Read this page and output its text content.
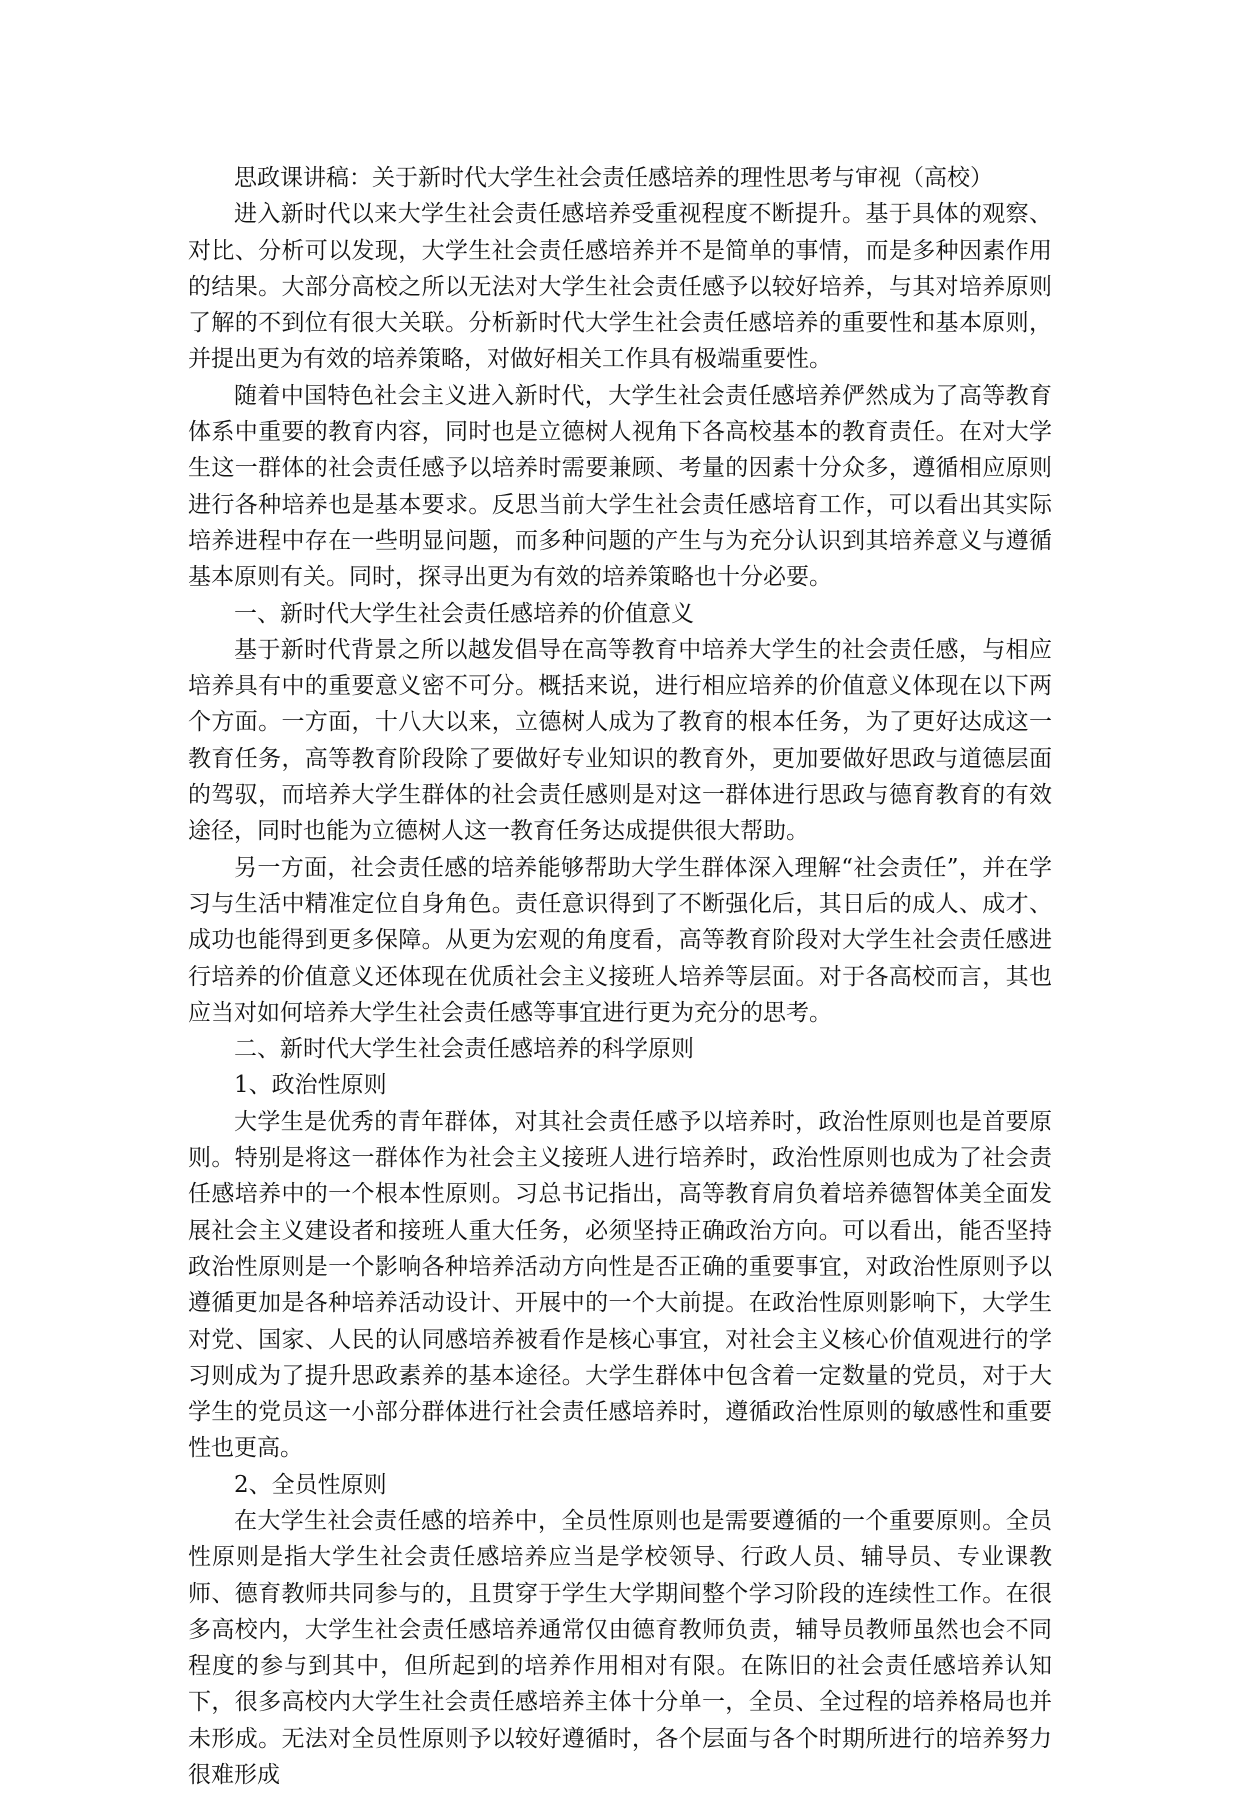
思政课讲稿：关于新时代大学生社会责任感培养的理性思考与审视（高校）

进入新时代以来大学生社会责任感培养受重视程度不断提升。基于具体的观察、对比、分析可以发现，大学生社会责任感培养并不是简单的事情，而是多种因素作用的结果。大部分高校之所以无法对大学生社会责任感予以较好培养，与其对培养原则了解的不到位有很大关联。分析新时代大学生社会责任感培养的重要性和基本原则，并提出更为有效的培养策略，对做好相关工作具有极端重要性。

随着中国特色社会主义进入新时代，大学生社会责任感培养俨然成为了高等教育体系中重要的教育内容，同时也是立德树人视角下各高校基本的教育责任。在对大学生这一群体的社会责任感予以培养时需要兼顾、考量的因素十分众多，遵循相应原则进行各种培养也是基本要求。反思当前大学生社会责任感培育工作，可以看出其实际培养进程中存在一些明显问题，而多种问题的产生与为充分认识到其培养意义与遵循基本原则有关。同时，探寻出更为有效的培养策略也十分必要。

一、新时代大学生社会责任感培养的价值意义

基于新时代背景之所以越发倡导在高等教育中培养大学生的社会责任感，与相应培养具有中的重要意义密不可分。概括来说，进行相应培养的价值意义体现在以下两个方面。一方面，十八大以来，立德树人成为了教育的根本任务，为了更好达成这一教育任务，高等教育阶段除了要做好专业知识的教育外，更加要做好思政与道德层面的驾驭，而培养大学生群体的社会责任感则是对这一群体进行思政与德育教育的有效途径，同时也能为立德树人这一教育任务达成提供很大帮助。

另一方面，社会责任感的培养能够帮助大学生群体深入理解“社会责任”，并在学习与生活中精准定位自身角色。责任意识得到了不断强化后，其日后的成人、成才、成功也能得到更多保障。从更为宏观的角度看，高等教育阶段对大学生社会责任感进行培养的价值意义还体现在优质社会主义接班人培养等层面。对于各高校而言，其也应当对如何培养大学生社会责任感等事宜进行更为充分的思考。

二、新时代大学生社会责任感培养的科学原则

1、政治性原则

大学生是优秀的青年群体，对其社会责任感予以培养时，政治性原则也是首要原则。特别是将这一群体作为社会主义接班人进行培养时，政治性原则也成为了社会责任感培养中的一个根本性原则。习总书记指出，高等教育肩负着培养德智体美全面发展社会主义建设者和接班人重大任务，必须坚持正确政治方向。可以看出，能否坚持政治性原则是一个影响各种培养活动方向性是否正确的重要事宜，对政治性原则予以遵循更加是各种培养活动设计、开展中的一个大前提。在政治性原则影响下，大学生对党、国家、人民的认同感培养被看作是核心事宜，对社会主义核心价值观进行的学习则成为了提升思政素养的基本途径。大学生群体中包含着一定数量的党员，对于大学生的党员这一小部分群体进行社会责任感培养时，遵循政治性原则的敏感性和重要性也更高。

2、全员性原则

在大学生社会责任感的培养中，全员性原则也是需要遵循的一个重要原则。全员性原则是指大学生社会责任感培养应当是学校领导、行政人员、辅导员、专业课教师、德育教师共同参与的，且贯穿于学生大学期间整个学习阶段的连续性工作。在很多高校内，大学生社会责任感培养通常仅由德育教师负责，辅导员教师虽然也会不同程度的参与到其中，但所起到的培养作用相对有限。在陈旧的社会责任感培养认知下，很多高校内大学生社会责任感培养主体十分单一，全员、全过程的培养格局也并未形成。无法对全员性原则予以较好遵循时，各个层面与各个时期所进行的培养努力很难形成
